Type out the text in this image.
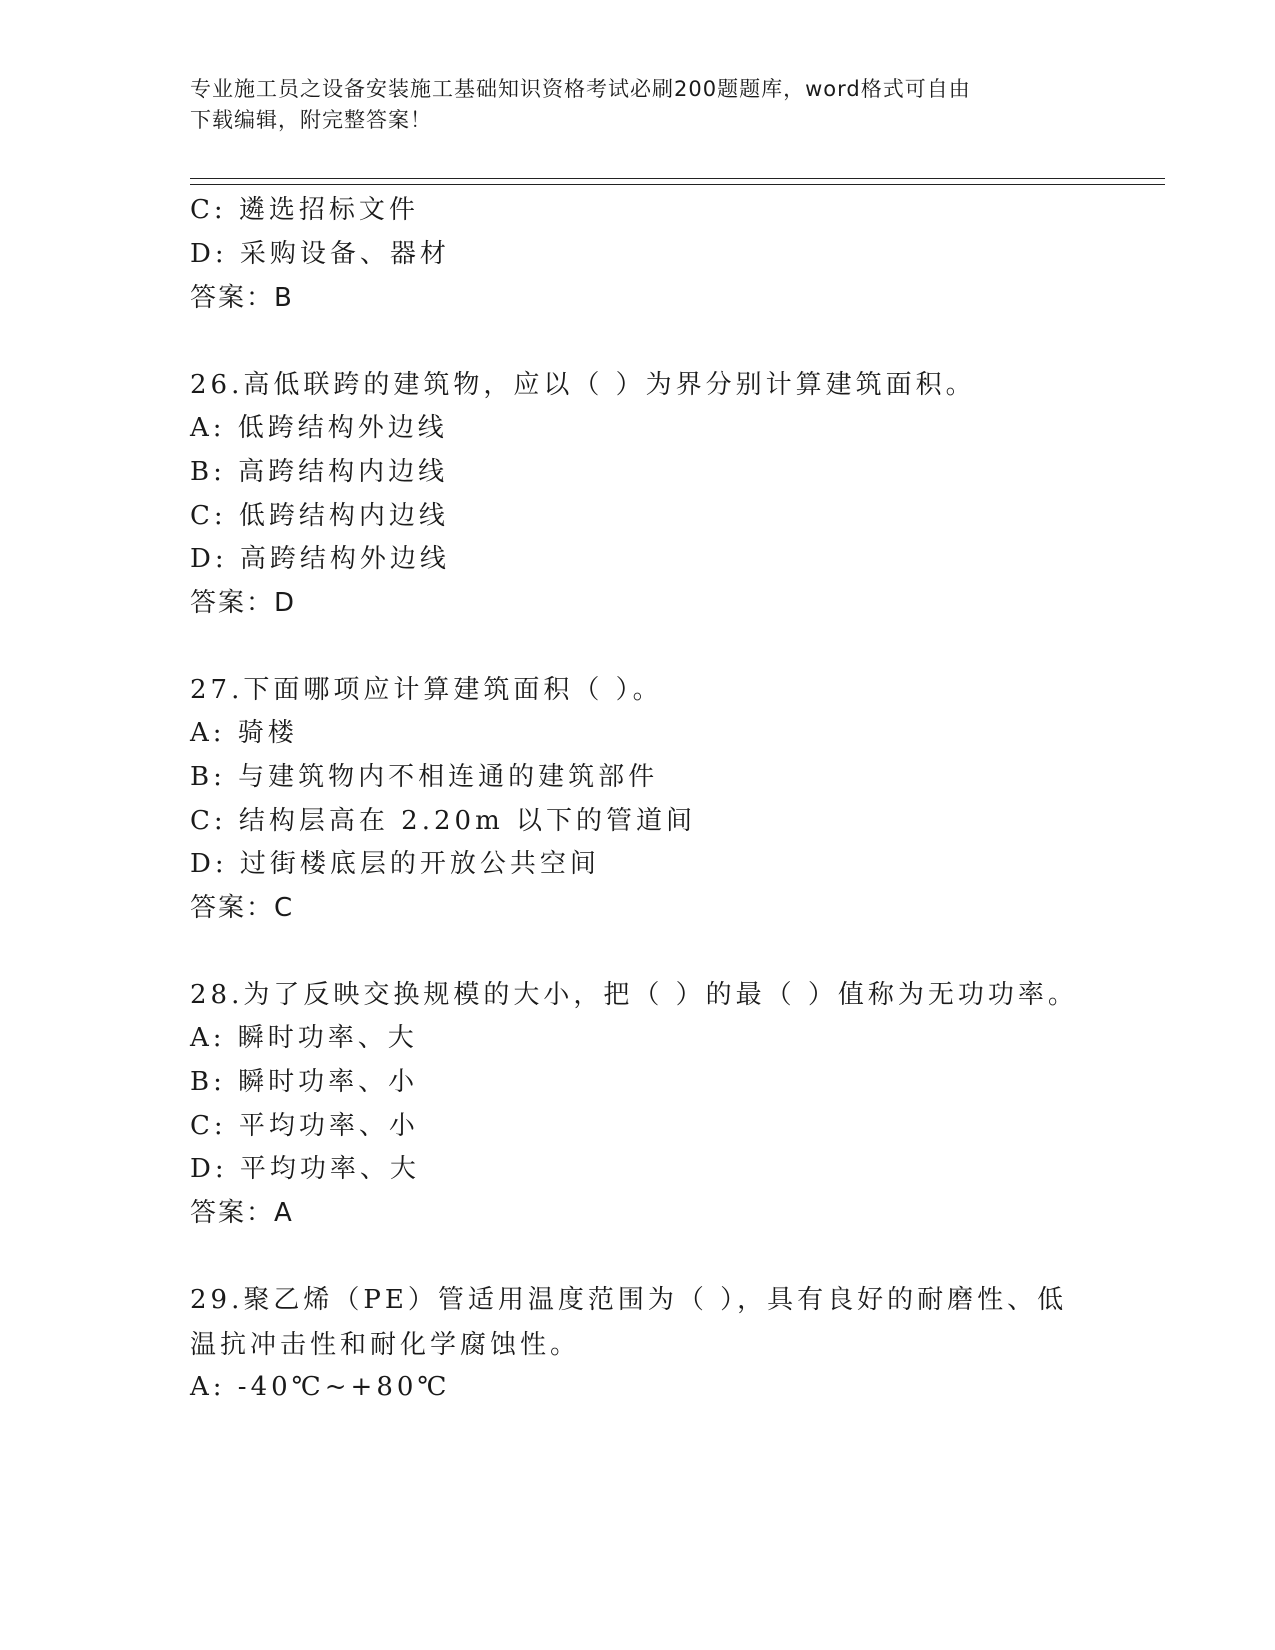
专业施工员之设备安装施工基础知识资格考试必刷200题题库，word格式可自由
下载编辑，附完整答案！
C: 遴选招标文件
D: 采购设备、器材
答案：B
26.高低联跨的建筑物，应以（ ）为界分别计算建筑面积。
A: 低跨结构外边线
B: 高跨结构内边线
C: 低跨结构内边线
D: 高跨结构外边线
答案：D
27.下面哪项应计算建筑面积（ ）。
A: 骑楼
B: 与建筑物内不相连通的建筑部件
C: 结构层高在 2.20m 以下的管道间
D: 过街楼底层的开放公共空间
答案：C
28.为了反映交换规模的大小，把（ ）的最（ ）值称为无功功率。
A: 瞬时功率、大
B: 瞬时功率、小
C: 平均功率、小
D: 平均功率、大
答案：A
29.聚乙烯（PE）管适用温度范围为（ ），具有良好的耐磨性、低温抗冲击性和耐化学腐蚀性。
A: -40℃~+80℃
